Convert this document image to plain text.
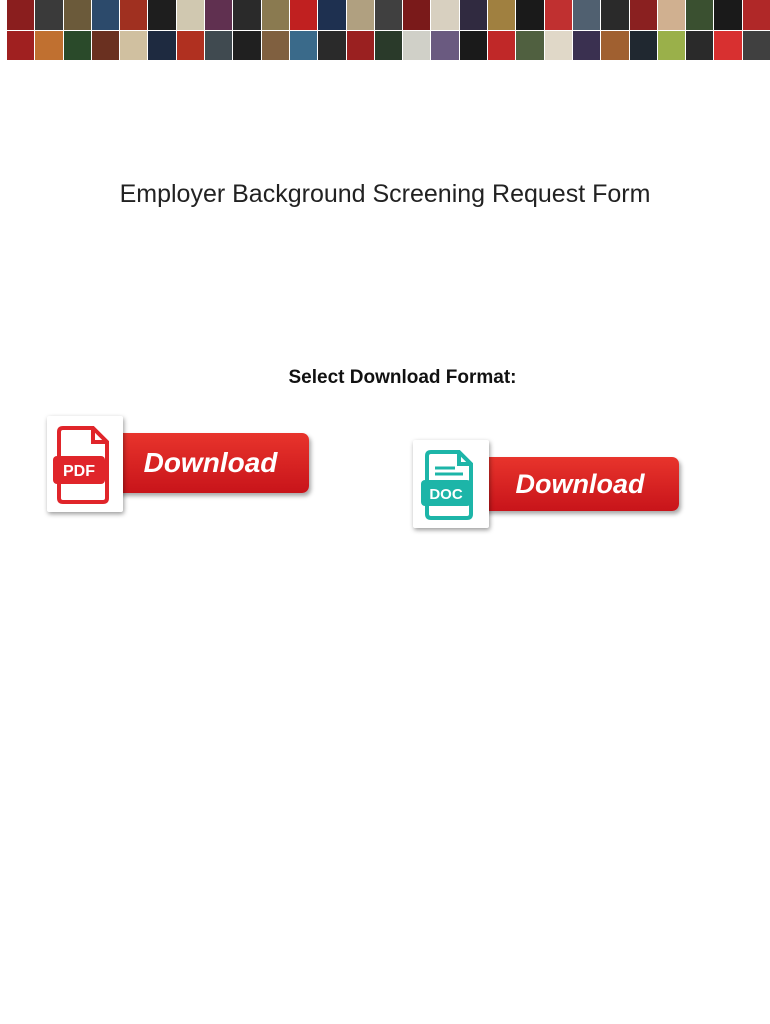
Employer Background Screening Request Form
Select Download Format:
Download
PDF	Download
DOC
